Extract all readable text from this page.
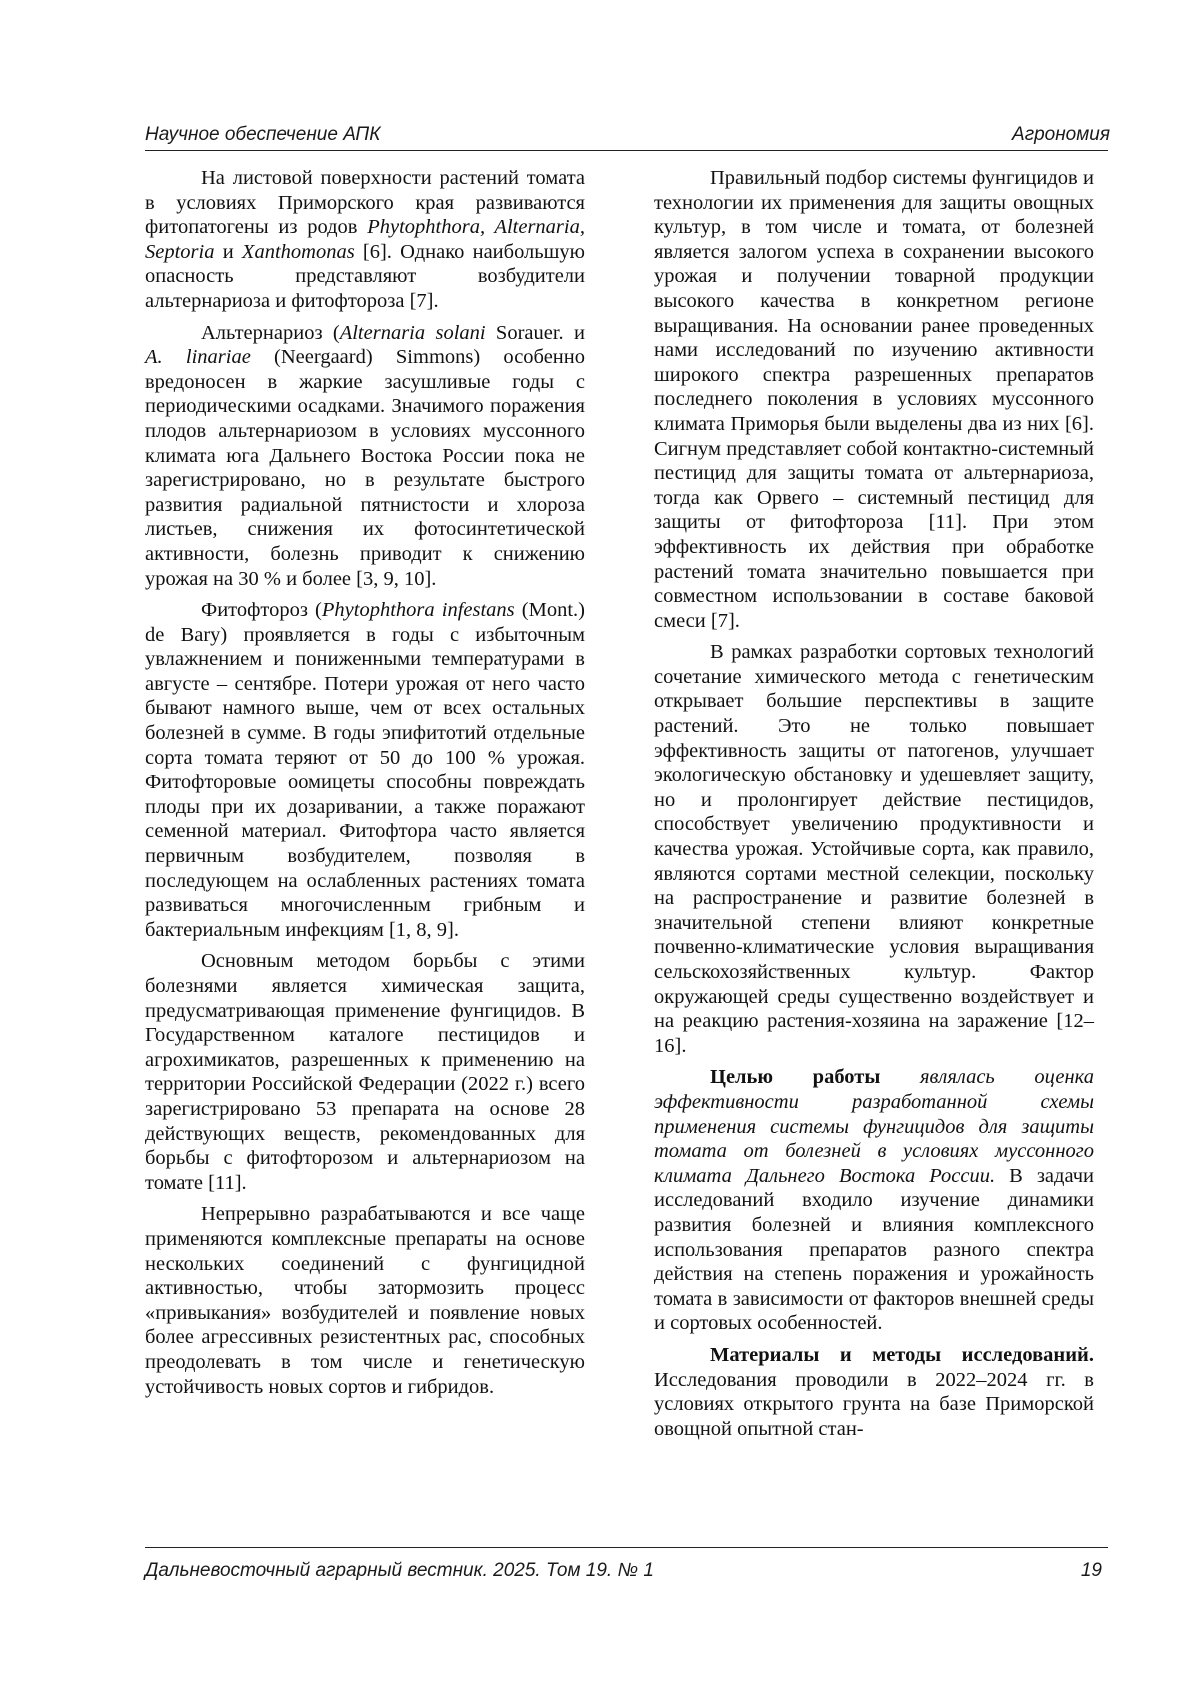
Научное обеспечение АПК	Агрономия

На листовой поверхности растений томата в условиях Приморского края развиваются фитопатогены из родов Phytophthora, Alternaria, Septoria и Xanthomonas [6]. Однако наибольшую опасность представляют возбудители альтернариоза и фитофтороза [7].

Альтернариоз (Alternaria solani Sorauer. и A. linariae (Neergaard) Simmons) особенно вредоносен в жаркие засушливые годы с периодическими осадками. Значимого поражения плодов альтернариозом в условиях муссонного климата юга Дальнего Востока России пока не зарегистрировано, но в результате быстрого развития радиальной пятнистости и хлороза листьев, снижения их фотосинтетической активности, болезнь приводит к снижению урожая на 30 % и более [3, 9, 10].

Фитофтороз (Phytophthora infestans (Mont.) de Bary) проявляется в годы с избыточным увлажнением и пониженными температурами в августе – сентябре. Потери урожая от него часто бывают намного выше, чем от всех остальных болезней в сумме. В годы эпифитотий отдельные сорта томата теряют от 50 до 100 % урожая. Фитофторовые оомицеты способны повреждать плоды при их дозаривании, а также поражают семенной материал. Фитофтора часто является первичным возбудителем, позволяя в последующем на ослабленных растениях томата развиваться многочисленным грибным и бактериальным инфекциям [1, 8, 9].

Основным методом борьбы с этими болезнями является химическая защита, предусматривающая применение фунгицидов. В Государственном каталоге пестицидов и агрохимикатов, разрешенных к применению на территории Российской Федерации (2022 г.) всего зарегистрировано 53 препарата на основе 28 действующих веществ, рекомендованных для борьбы с фитофторозом и альтернариозом на томате [11].

Непрерывно разрабатываются и все чаще применяются комплексные препараты на основе нескольких соединений с фунгицидной активностью, чтобы затормозить процесс «привыкания» возбудителей и появление новых более агрессивных резистентных рас, способных преодолевать в том числе и генетическую устойчивость новых сортов и гибридов.

Правильный подбор системы фунгицидов и технологии их применения для защиты овощных культур, в том числе и томата, от болезней является залогом успеха в сохранении высокого урожая и получении товарной продукции высокого качества в конкретном регионе выращивания. На основании ранее проведенных нами исследований по изучению активности широкого спектра разрешенных препаратов последнего поколения в условиях муссонного климата Приморья были выделены два из них [6]. Сигнум представляет собой контактно-системный пестицид для защиты томата от альтернариоза, тогда как Орвего – системный пестицид для защиты от фитофтороза [11]. При этом эффективность их действия при обработке растений томата значительно повышается при совместном использовании в составе баковой смеси [7].

В рамках разработки сортовых технологий сочетание химического метода с генетическим открывает большие перспективы в защите растений. Это не только повышает эффективность защиты от патогенов, улучшает экологическую обстановку и удешевляет защиту, но и пролонгирует действие пестицидов, способствует увеличению продуктивности и качества урожая. Устойчивые сорта, как правило, являются сортами местной селекции, поскольку на распространение и развитие болезней в значительной степени влияют конкретные почвенно-климатические условия выращивания сельскохозяйственных культур. Фактор окружающей среды существенно воздействует и на реакцию растения-хозяина на заражение [12–16].

Целью работы являлась оценка эффективности разработанной схемы применения системы фунгицидов для защиты томата от болезней в условиях муссонного климата Дальнего Востока России. В задачи исследований входило изучение динамики развития болезней и влияния комплексного использования препаратов разного спектра действия на степень поражения и урожайность томата в зависимости от факторов внешней среды и сортовых особенностей.

Материалы и методы исследований. Исследования проводили в 2022–2024 гг. в условиях открытого грунта на базе Приморской овощной опытной стан-

Дальневосточный аграрный вестник. 2025. Том 19. № 1	19
